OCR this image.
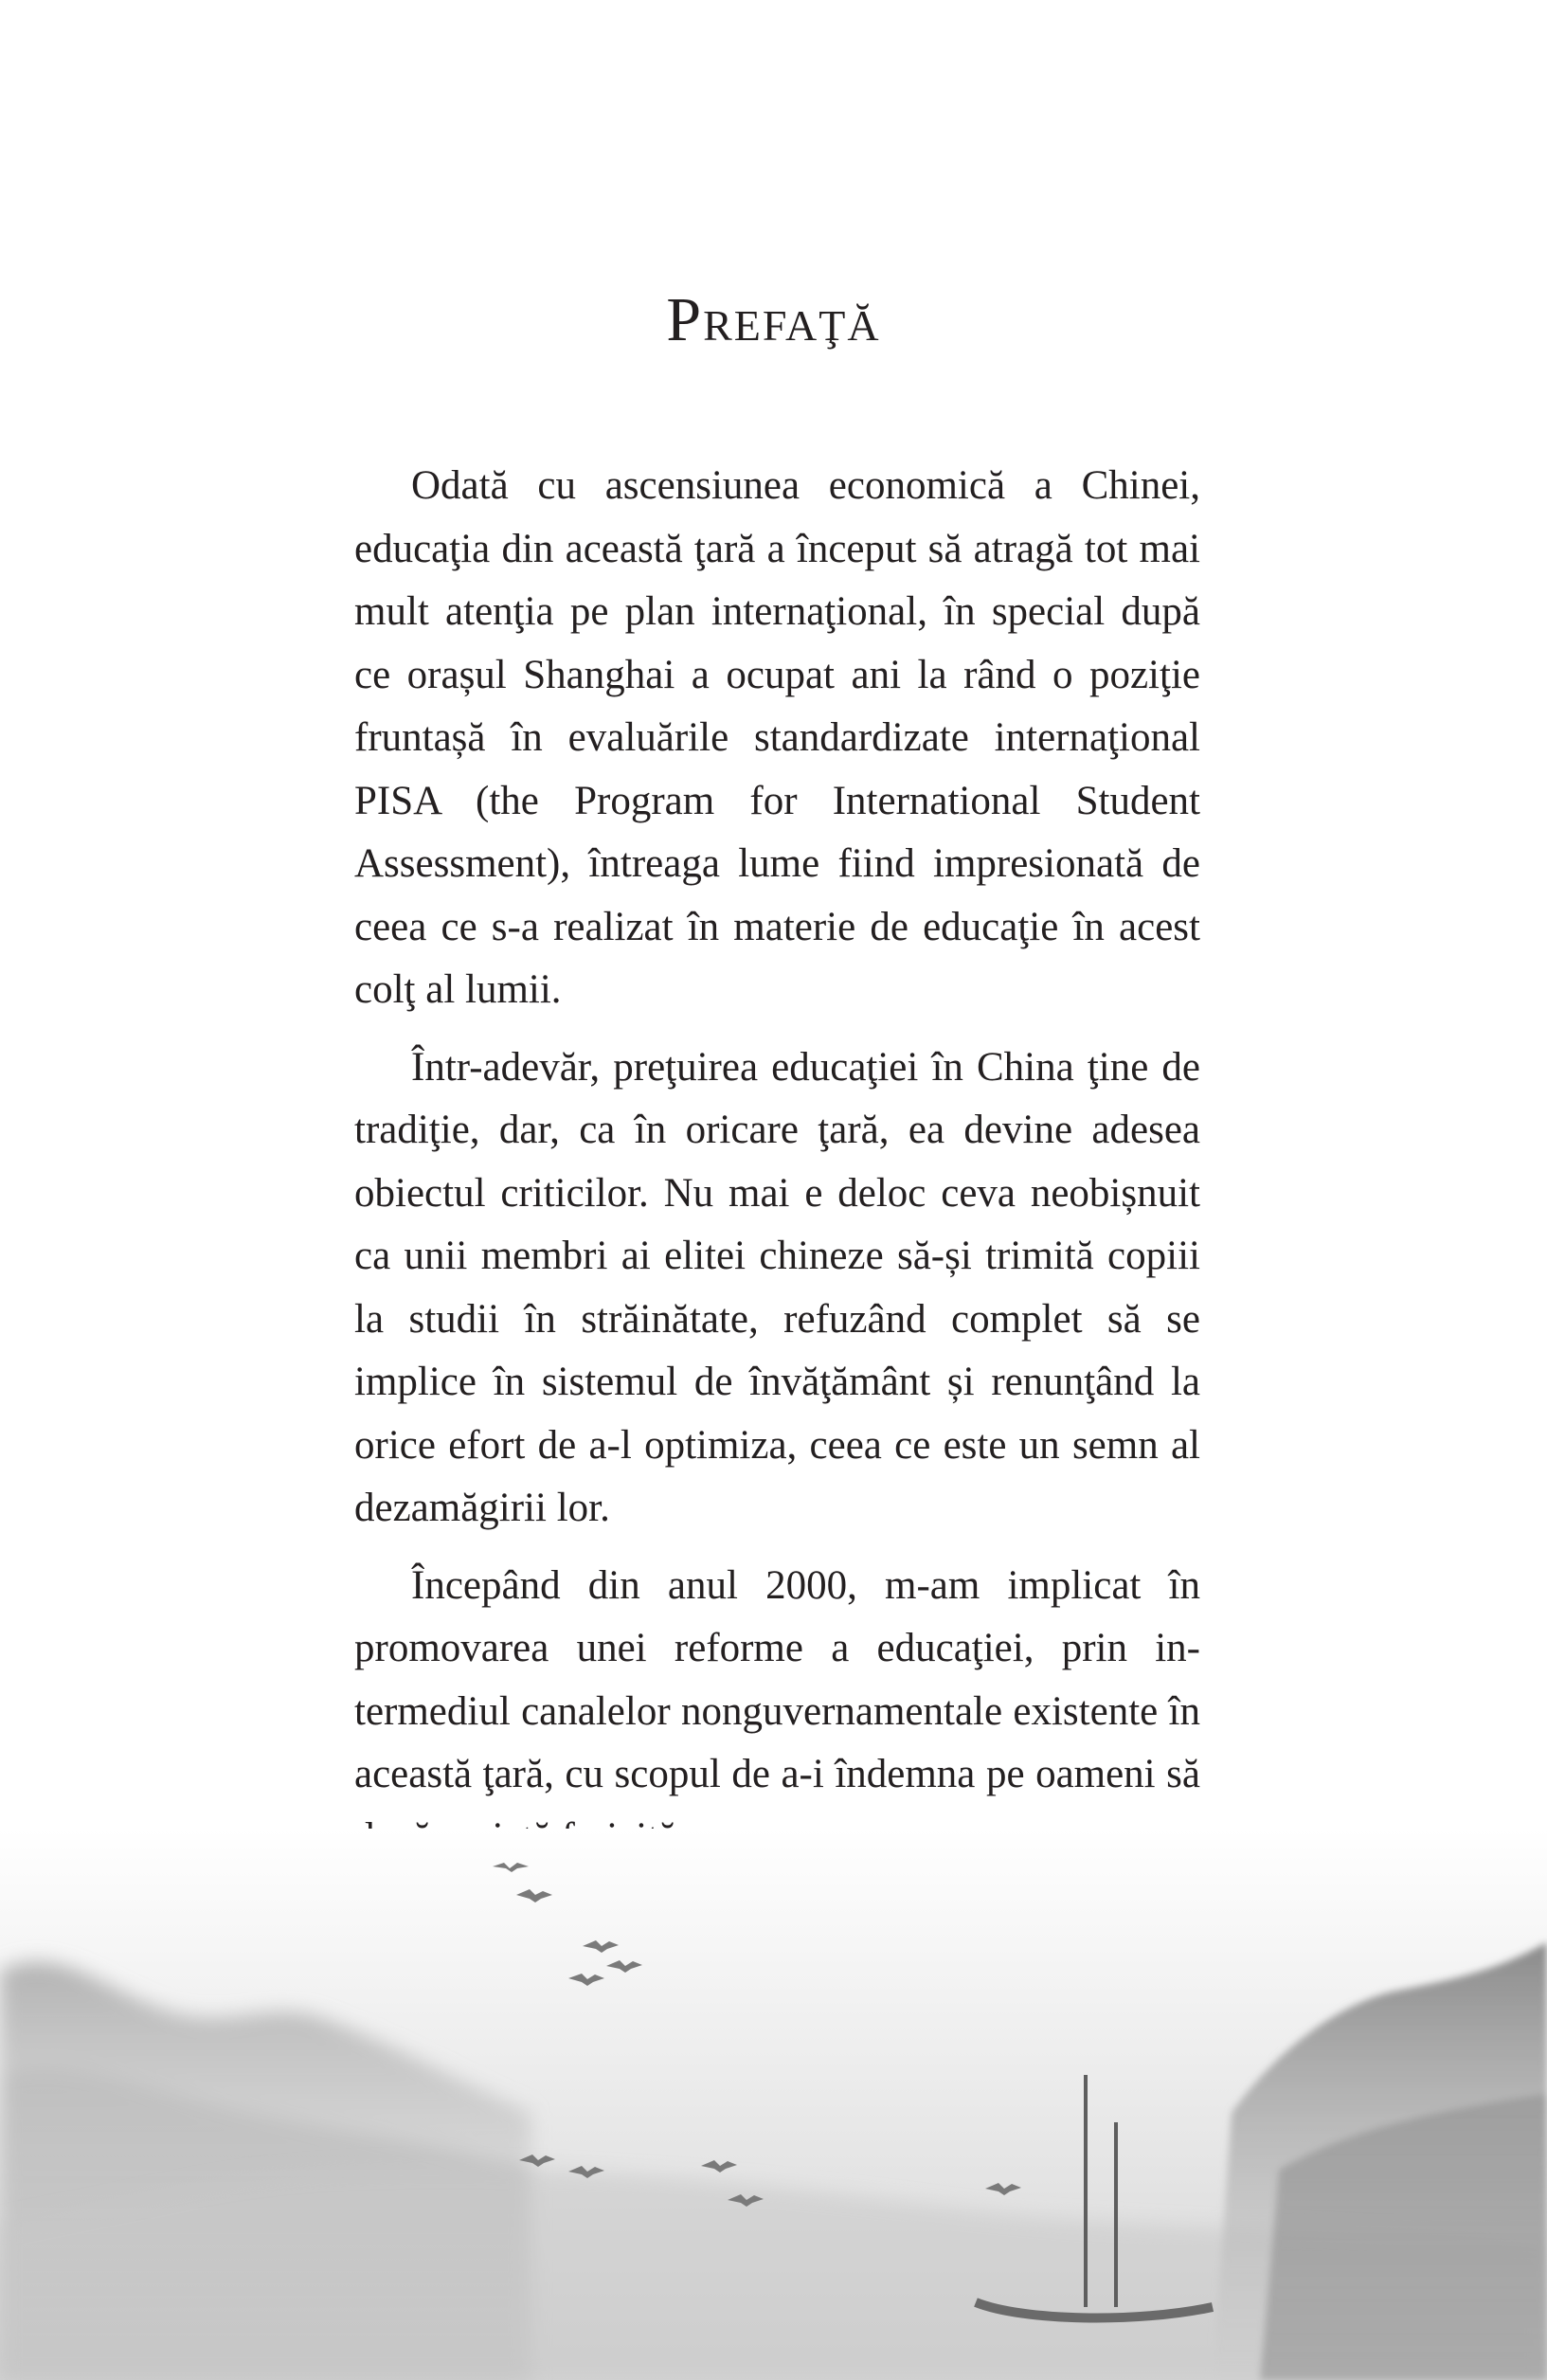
Prefaţă

Odată cu ascensiunea economică a Chinei, educaţia din această ţară a început să atragă tot mai mult atenţia pe plan internaţional, în special după ce orașul Shanghai a ocupat ani la rând o poziţie fruntașă în evaluările standardizate internaţional PISA (the Program for International Student Assessment), întreaga lume fiind impresionată de ceea ce s-a realizat în materie de educaţie în acest colţ al lumii.

Într-adevăr, preţuirea educaţiei în China ţine de tradiţie, dar, ca în oricare ţară, ea devine adesea obiectul criticilor. Nu mai e deloc ceva neobișnuit ca unii membri ai elitei chineze să-și trimită copiii la studii în străinătate, refuzând complet să se implice în sistemul de învăţământ și renunţând la orice efort de a-l optimiza, ceea ce este un semn al dezamăgirii lor.

Începând din anul 2000, m-am implicat în promovarea unei reforme a educaţiei, prin intermediul canalelor nonguvernamentale existente în această ţară, cu scopul de a-i îndemna pe oameni să
